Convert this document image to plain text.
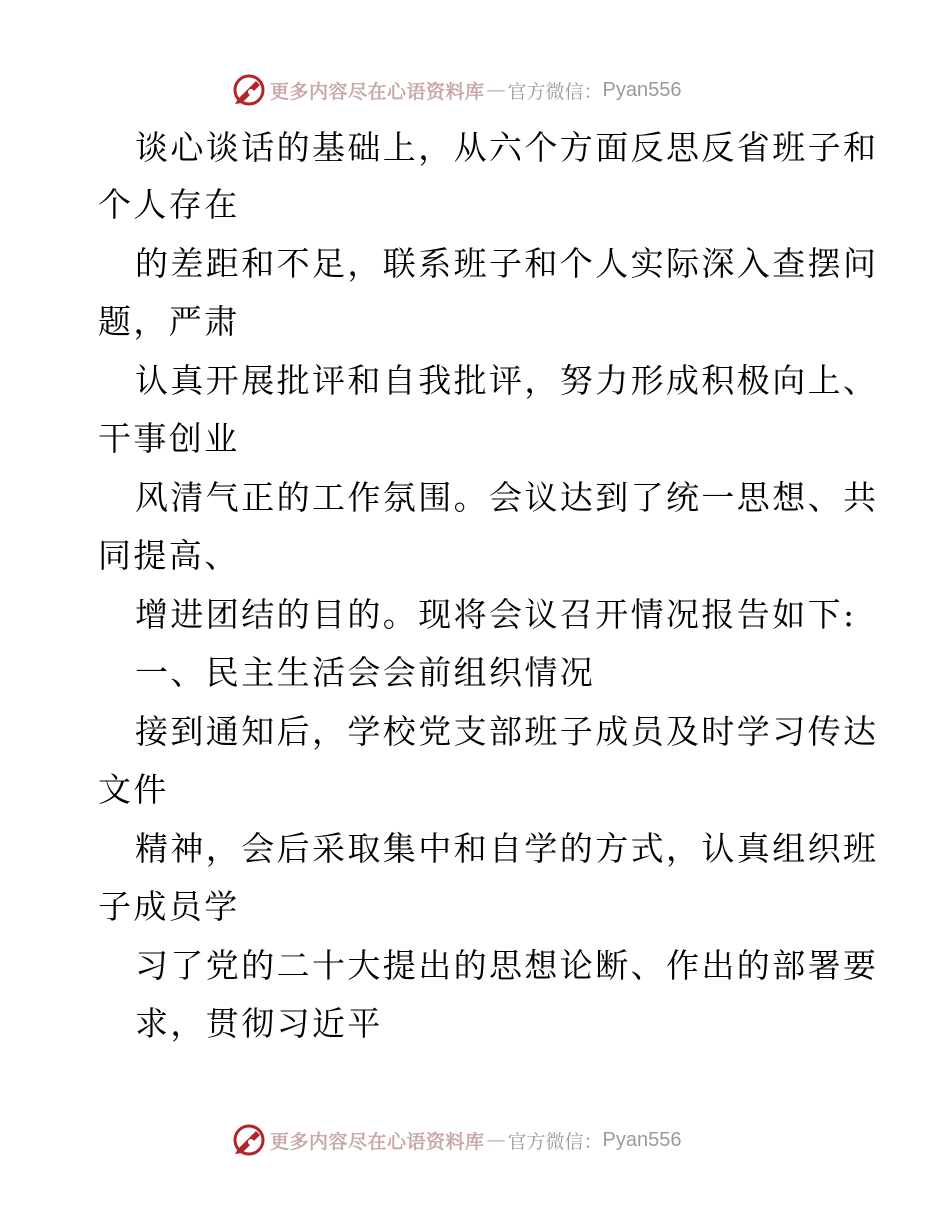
更多内容尽在心语资料库 — 官方微信： Pyan556
谈心谈话的基础上，从六个方面反思反省班子和
个人存在
的差距和不足，联系班子和个人实际深入查摆问
题，严肃
认真开展批评和自我批评，努力形成积极向上、
干事创业
风清气正的工作氛围。会议达到了统一思想、共
同提高、
增进团结的目的。现将会议召开情况报告如下:
一、民主生活会会前组织情况
接到通知后，学校党支部班子成员及时学习传达
文件
精神，会后采取集中和自学的方式，认真组织班
子成员学
习了党的二十大提出的思想论断、作出的部署要
求，贯彻习近平
更多内容尽在心语资料库 — 官方微信： Pyan556
